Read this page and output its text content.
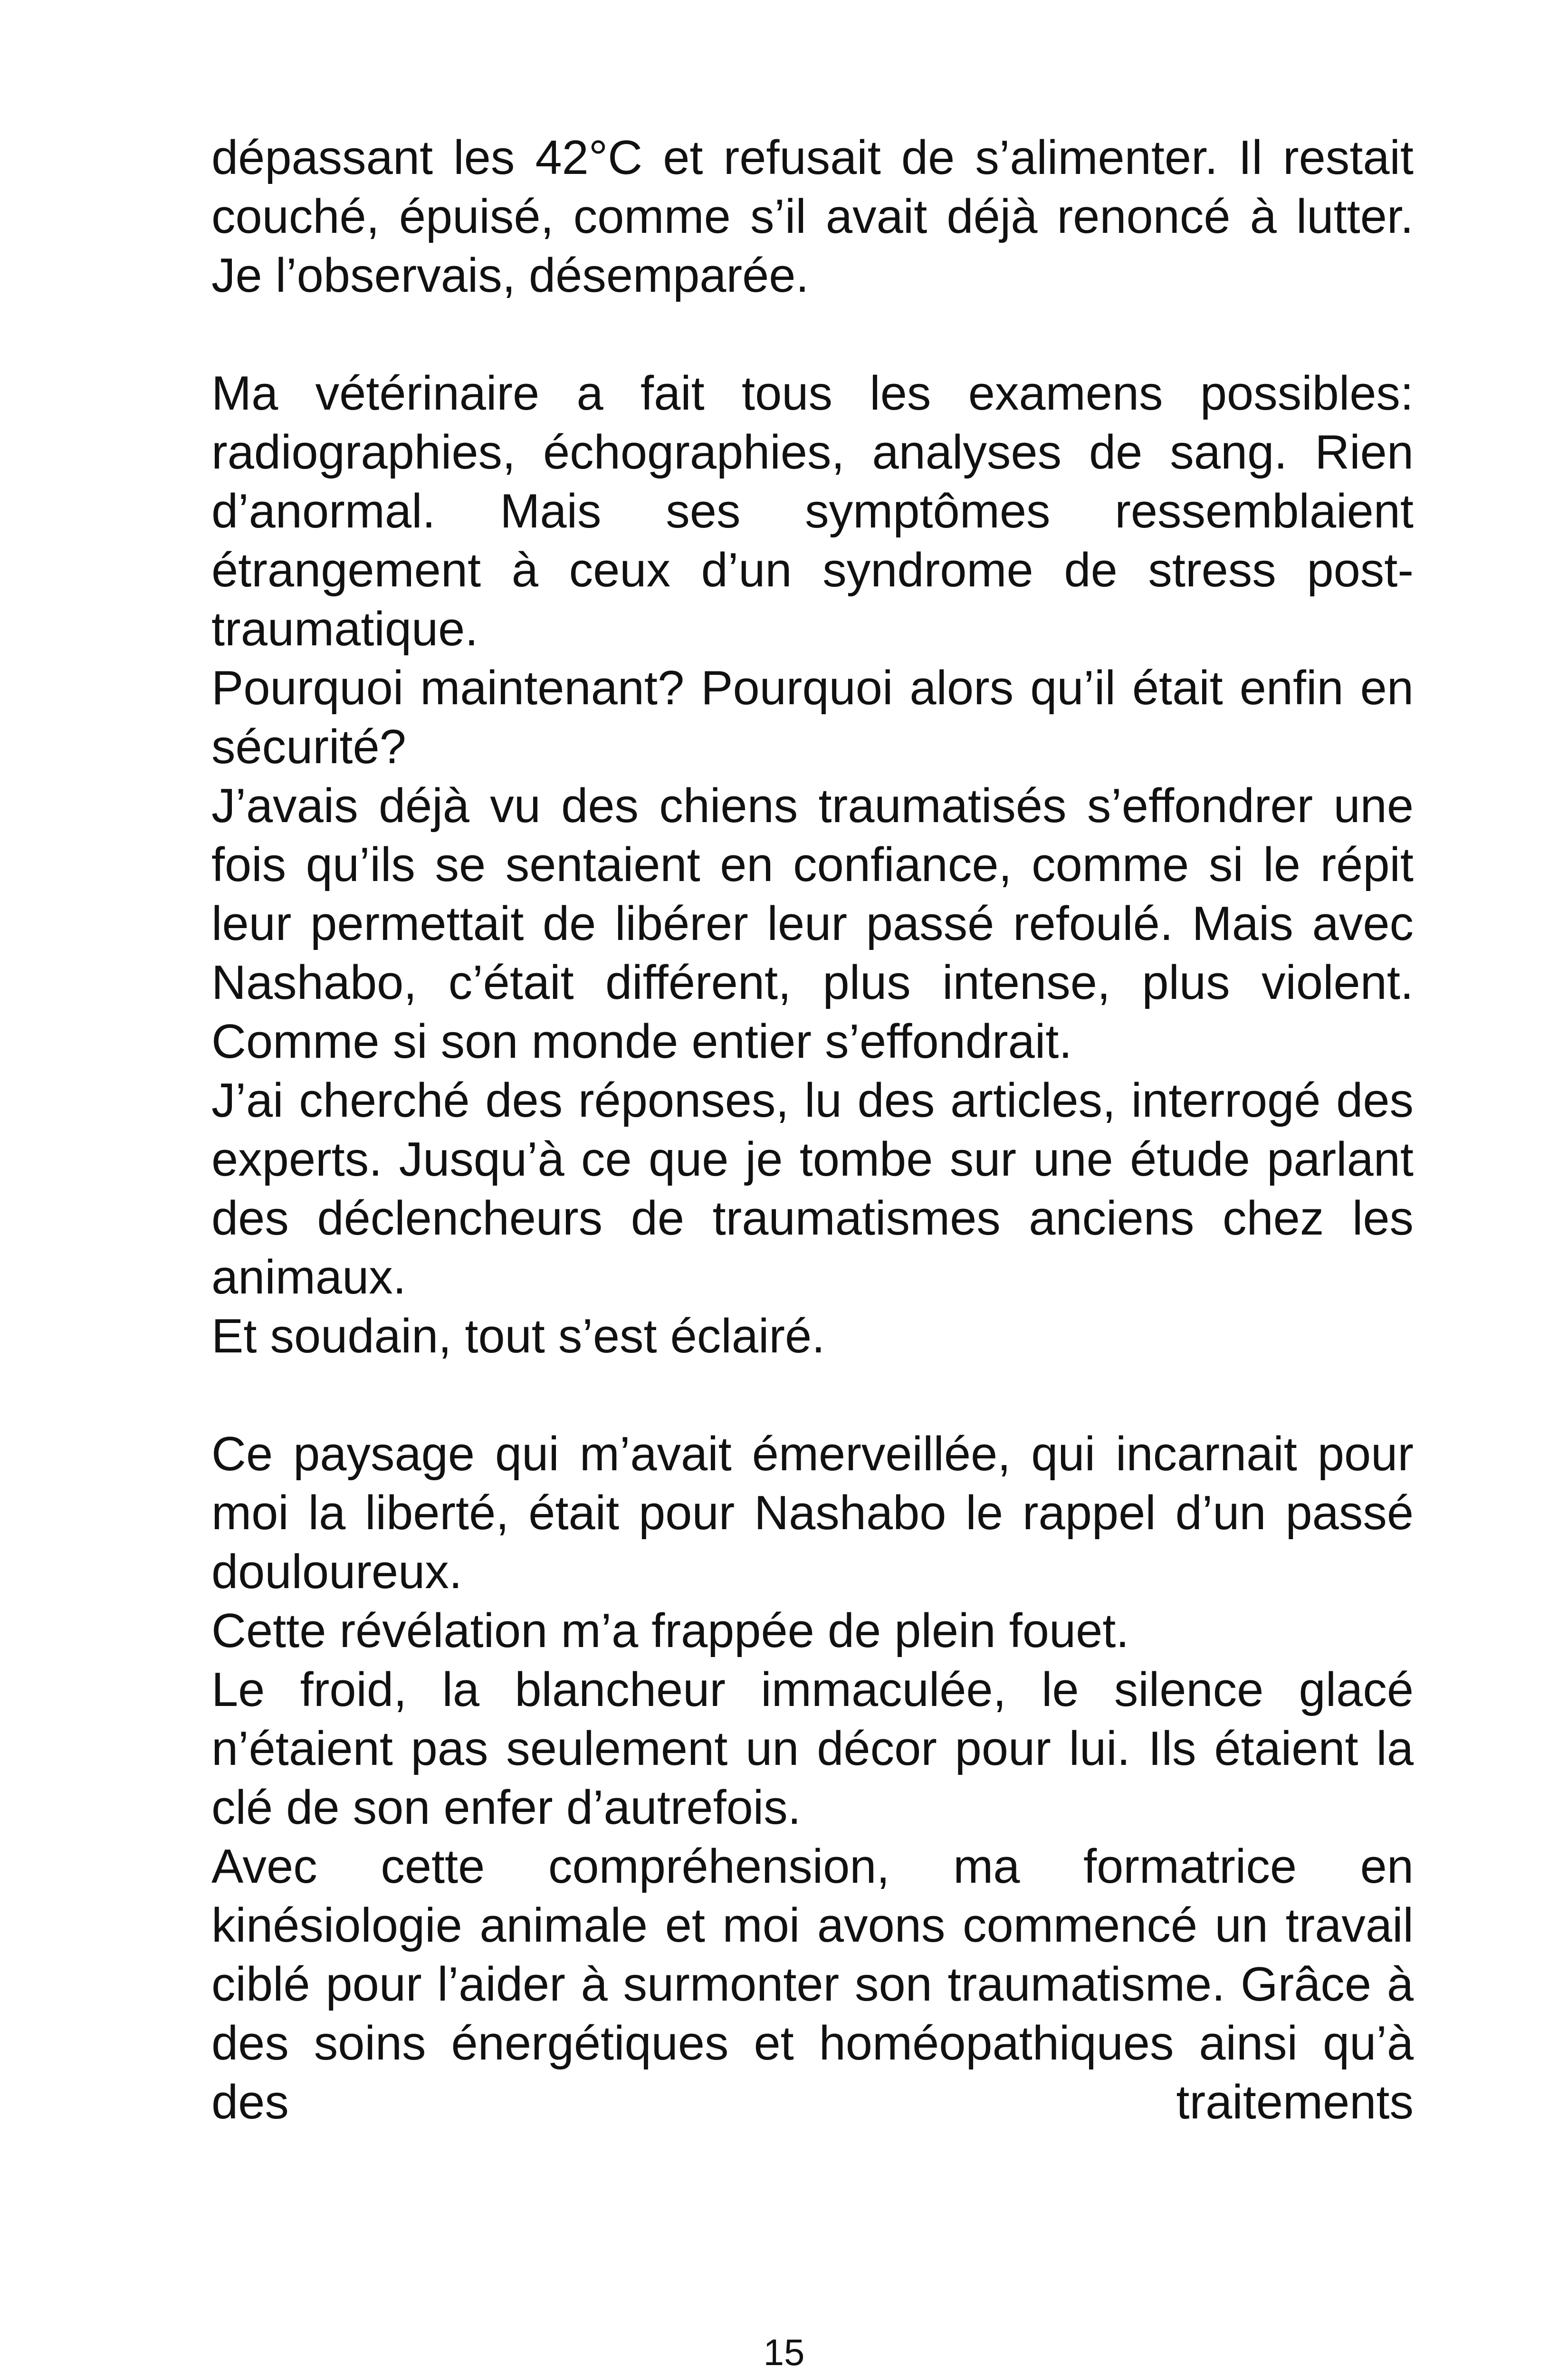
dépassant les 42°C et refusait de s’alimenter. Il restait couché, épuisé, comme s’il avait déjà renoncé à lutter. Je l’observais, désemparée.

Ma vétérinaire a fait tous les examens possibles: radiographies, échographies, analyses de sang. Rien d’anormal. Mais ses symptômes ressemblaient étrangement à ceux d’un syndrome de stress post-traumatique.

Pourquoi maintenant? Pourquoi alors qu’il était enfin en sécurité?

J’avais déjà vu des chiens traumatisés s’effondrer une fois qu’ils se sentaient en confiance, comme si le répit leur permettait de libérer leur passé refoulé. Mais avec Nashabo, c’était différent, plus intense, plus violent. Comme si son monde entier s’effondrait.

J’ai cherché des réponses, lu des articles, interrogé des experts. Jusqu’à ce que je tombe sur une étude parlant des déclencheurs de traumatismes anciens chez les animaux.

Et soudain, tout s’est éclairé.

Ce paysage qui m’avait émerveillée, qui incarnait pour moi la liberté, était pour Nashabo le rappel d’un passé douloureux.

Cette révélation m’a frappée de plein fouet.

Le froid, la blancheur immaculée, le silence glacé n’étaient pas seulement un décor pour lui. Ils étaient la clé de son enfer d’autrefois.

Avec cette compréhension, ma formatrice en kinésiologie animale et moi avons commencé un travail ciblé pour l’aider à surmonter son traumatisme. Grâce à des soins énergétiques et homéopathiques ainsi qu’à des traitements

15
